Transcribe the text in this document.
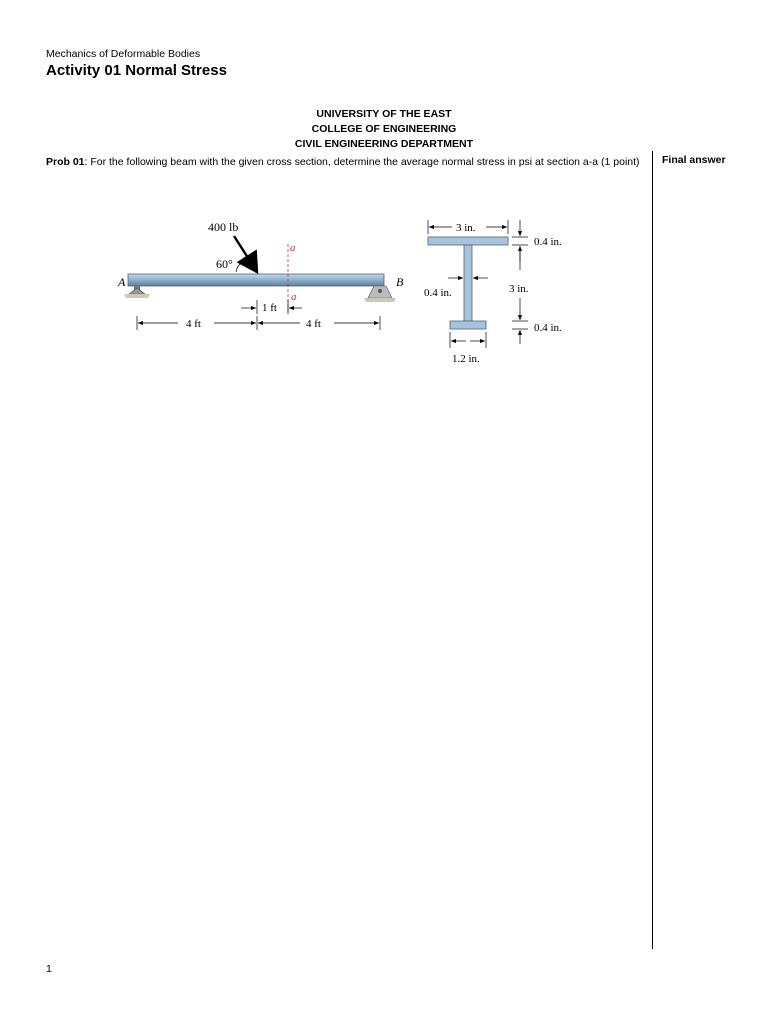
Mechanics of Deformable Bodies
Activity 01 Normal Stress
UNIVERSITY OF THE EAST
COLLEGE OF ENGINEERING
CIVIL ENGINEERING DEPARTMENT
Prob 01: For the following beam with the given cross section, determine the average normal stress in psi at section a-a (1 point)	Final answer
A	B
400 lb
60°
a
a
1 ft
4 ft	4 ft
3 in.
0.4 in.
0.4 in.	3 in.
0.4 in.
1.2 in.
1
